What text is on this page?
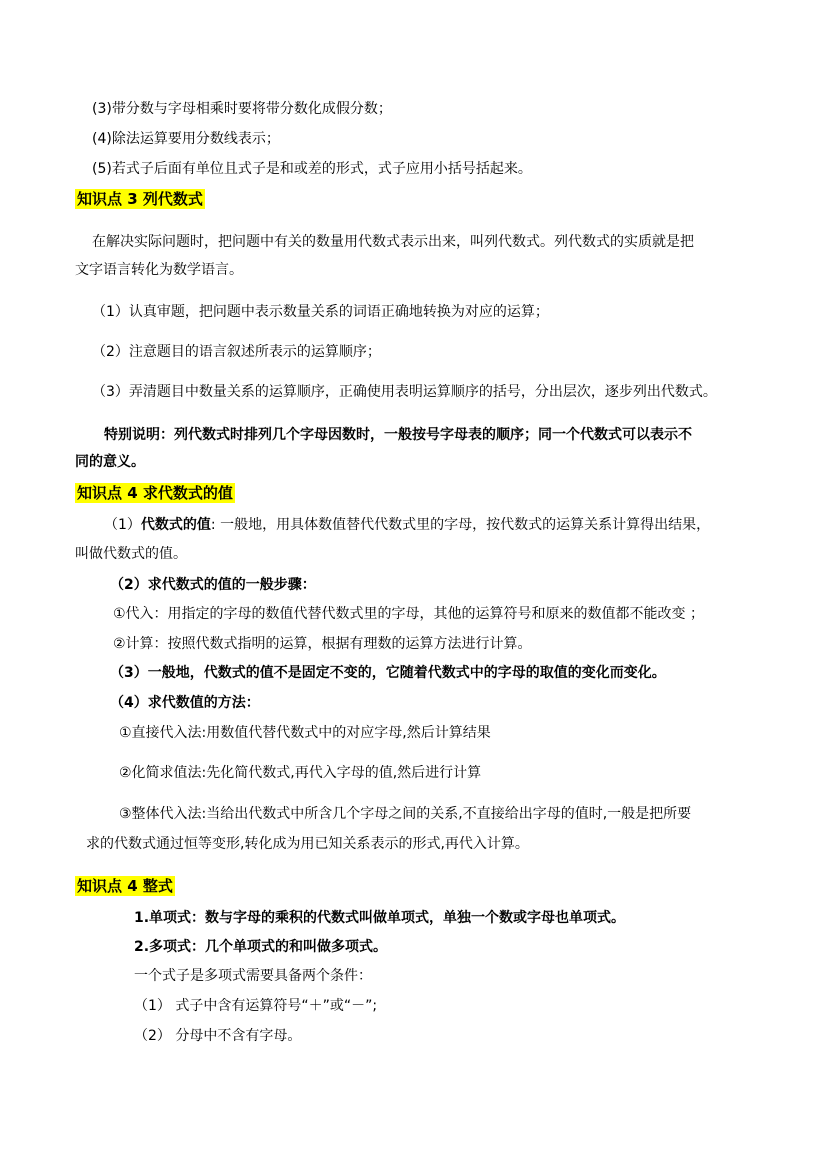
(3)带分数与字母相乘时要将带分数化成假分数；
(4)除法运算要用分数线表示；
(5)若式子后面有单位且式子是和或差的形式，式子应用小括号括起来。
知识点 3 列代数式
在解决实际问题时，把问题中有关的数量用代数式表示出来，叫列代数式。列代数式的实质就是把
文字语言转化为数学语言。
（1）认真审题，把问题中表示数量关系的词语正确地转换为对应的运算；
（2）注意题目的语言叙述所表示的运算顺序；
（3）弄清题目中数量关系的运算顺序，正确使用表明运算顺序的括号，分出层次，逐步列出代数式。
特别说明：列代数式时排列几个字母因数时，一般按号字母表的顺序；同一个代数式可以表示不
同的意义。
知识点 4 求代数式的值
（1）代数式的值: 一般地，用具体数值替代代数式里的字母，按代数式的运算关系计算得出结果，
叫做代数式的值。
（2）求代数式的值的一般步骤：
①代入：用指定的字母的数值代替代数式里的字母，其他的运算符号和原来的数值都不能改变 ；
②计算：按照代数式指明的运算，根据有理数的运算方法进行计算。
（3）一般地，代数式的值不是固定不变的，它随着代数式中的字母的取值的变化而变化。
（4）求代数值的方法：
①直接代入法:用数值代替代数式中的对应字母,然后计算结果
②化简求值法:先化简代数式,再代入字母的值,然后进行计算
③整体代入法:当给出代数式中所含几个字母之间的关系,不直接给出字母的值时,一般是把所要
求的代数式通过恒等变形,转化成为用已知关系表示的形式,再代入计算。
知识点 4 整式
1.单项式：数与字母的乘积的代数式叫做单项式，单独一个数或字母也单项式。
2.多项式：几个单项式的和叫做多项式。
一个式子是多项式需要具备两个条件：
（1） 式子中含有运算符号“＋”或“－”;
（2） 分母中不含有字母。
